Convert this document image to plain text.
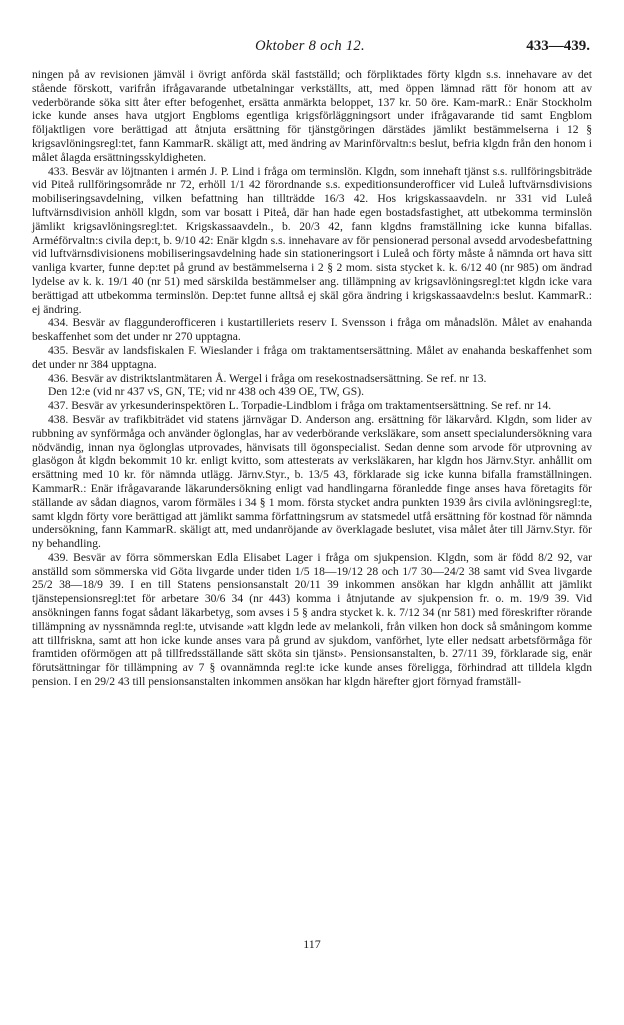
Oktober 8 och 12.	433—439.

ningen på av revisionen jämväl i övrigt anförda skäl fastställd; och förpliktades förty klgdn s.s. innehavare av det stående förskott, varifrån ifrågavarande utbetalningar verkställts, att, med öppen lämnad rätt för honom att av vederbörande söka sitt åter efter befogenhet, ersätta anmärkta beloppet, 137 kr. 50 öre. Kam-marR.: Enär Stockholm icke kunde anses hava utgjort Engbloms egentliga krigsförläggningsort under ifrågavarande tid samt Engblom följaktligen vore berättigad att åtnjuta ersättning för tjänstgöringen därstädes jämlikt bestämmelserna i 12 § krigsavlöningsregl:tet, fann KammarR. skäligt att, med ändring av Marinförvaltn:s beslut, befria klgdn från den honom i målet ålagda ersättningsskyldigheten.

433. Besvär av löjtnanten i armén J. P. Lind i fråga om terminslön. Klgdn, som innehaft tjänst s.s. rullföringsbiträde vid Piteå rullföringsområde nr 72, erhöll 1/1 42 förordnande s.s. expeditionsunderofficer vid Luleå luftvärnsdivisions mobiliseringsavdelning, vilken befattning han tillträdde 16/3 42. Hos krigskassaavdeln. nr 331 vid Luleå luftvärnsdivision anhöll klgdn, som var bosatt i Piteå, där han hade egen bostadsfastighet, att utbekomma terminslön jämlikt krigsavlöningsregl:tet. Krigskassaavdeln., b. 20/3 42, fann klgdns framställning icke kunna bifallas. Arméförvaltn:s civila dep:t, b. 9/10 42: Enär klgdn s.s. innehavare av för pensionerad personal avsedd arvodesbefattning vid luftvärnsdivisionens mobiliseringsavdelning hade sin stationeringsort i Luleå och förty måste å nämnda ort hava sitt vanliga kvarter, funne dep:tet på grund av bestämmelserna i 2 § 2 mom. sista stycket k. k. 6/12 40 (nr 985) om ändrad lydelse av k. k. 19/1 40 (nr 51) med särskilda bestämmelser ang. tillämpning av krigsavlöningsregl:tet klgdn icke vara berättigad att utbekomma terminslön. Dep:tet funne alltså ej skäl göra ändring i krigskassaavdeln:s beslut. KammarR.: ej ändring.

434. Besvär av flaggunderofficeren i kustartilleriets reserv I. Svensson i fråga om månadslön. Målet av enahanda beskaffenhet som det under nr 270 upptagna.

435. Besvär av landsfiskalen F. Wieslander i fråga om traktamentsersättning. Målet av enahanda beskaffenhet som det under nr 384 upptagna.

436. Besvär av distriktslantmätaren Å. Wergel i fråga om resekostnadsersättning. Se ref. nr 13.

Den 12:e (vid nr 437 vS, GN, TE; vid nr 438 och 439 OE, TW, GS).

437. Besvär av yrkesunderinspektören L. Torpadie-Lindblom i fråga om traktamentsersättning. Se ref. nr 14.

438. Besvär av trafikbiträdet vid statens järnvägar D. Anderson ang. ersättning för läkarvård. Klgdn, som lider av rubbning av synförmåga och använder öglonglas, har av vederbörande verksläkare, som ansett specialundersökning vara nödvändig, innan nya öglonglas utprovades, hänvisats till ögonspecialist. Sedan denne som arvode för utprovning av glasögon åt klgdn bekommit 10 kr. enligt kvitto, som attesterats av verksläkaren, har klgdn hos Järnv.Styr. anhållit om ersättning med 10 kr. för nämnda utlägg. Järnv.Styr., b. 13/5 43, förklarade sig icke kunna bifalla framställningen. KammarR.: Enär ifrågavarande läkarundersökning enligt vad handlingarna föranledde finge anses hava företagits för ställande av sådan diagnos, varom förmäles i 34 § 1 mom. första stycket andra punkten 1939 års civila avlöningsregl:te, samt klgdn förty vore berättigad att jämlikt samma författningsrum av statsmedel utfå ersättning för kostnad för nämnda undersökning, fann KammarR. skäligt att, med undanröjande av överklagade beslutet, visa målet åter till Järnv.Styr. för ny behandling.

439. Besvär av förra sömmerskan Edla Elisabet Lager i fråga om sjukpension. Klgdn, som är född 8/2 92, var anställd som sömmerska vid Göta livgarde under tiden 1/5 18—19/12 28 och 1/7 30—24/2 38 samt vid Svea livgarde 25/2 38—18/9 39. I en till Statens pensionsanstalt 20/11 39 inkommen ansökan har klgdn anhållit att jämlikt tjänstepensionsregl:tet för arbetare 30/6 34 (nr 443) komma i åtnjutande av sjukpension fr. o. m. 19/9 39. Vid ansökningen fanns fogat sådant läkarbetyg, som avses i 5 § andra stycket k. k. 7/12 34 (nr 581) med föreskrifter rörande tillämpning av nyssnämnda regl:te, utvisande »att klgdn lede av melankoli, från vilken hon dock så småningom komme att tillfriskna, samt att hon icke kunde anses vara på grund av sjukdom, vanförhet, lyte eller nedsatt arbetsförmåga för framtiden oförmögen att på tillfredsställande sätt sköta sin tjänst». Pensionsanstalten, b. 27/11 39, förklarade sig, enär förutsättningar för tillämpning av 7 § ovannämnda regl:te icke kunde anses föreligga, förhindrad att tilldela klgdn pension. I en 29/2 43 till pensionsanstalten inkommen ansökan har klgdn härefter gjort förnyad framställ-

117
